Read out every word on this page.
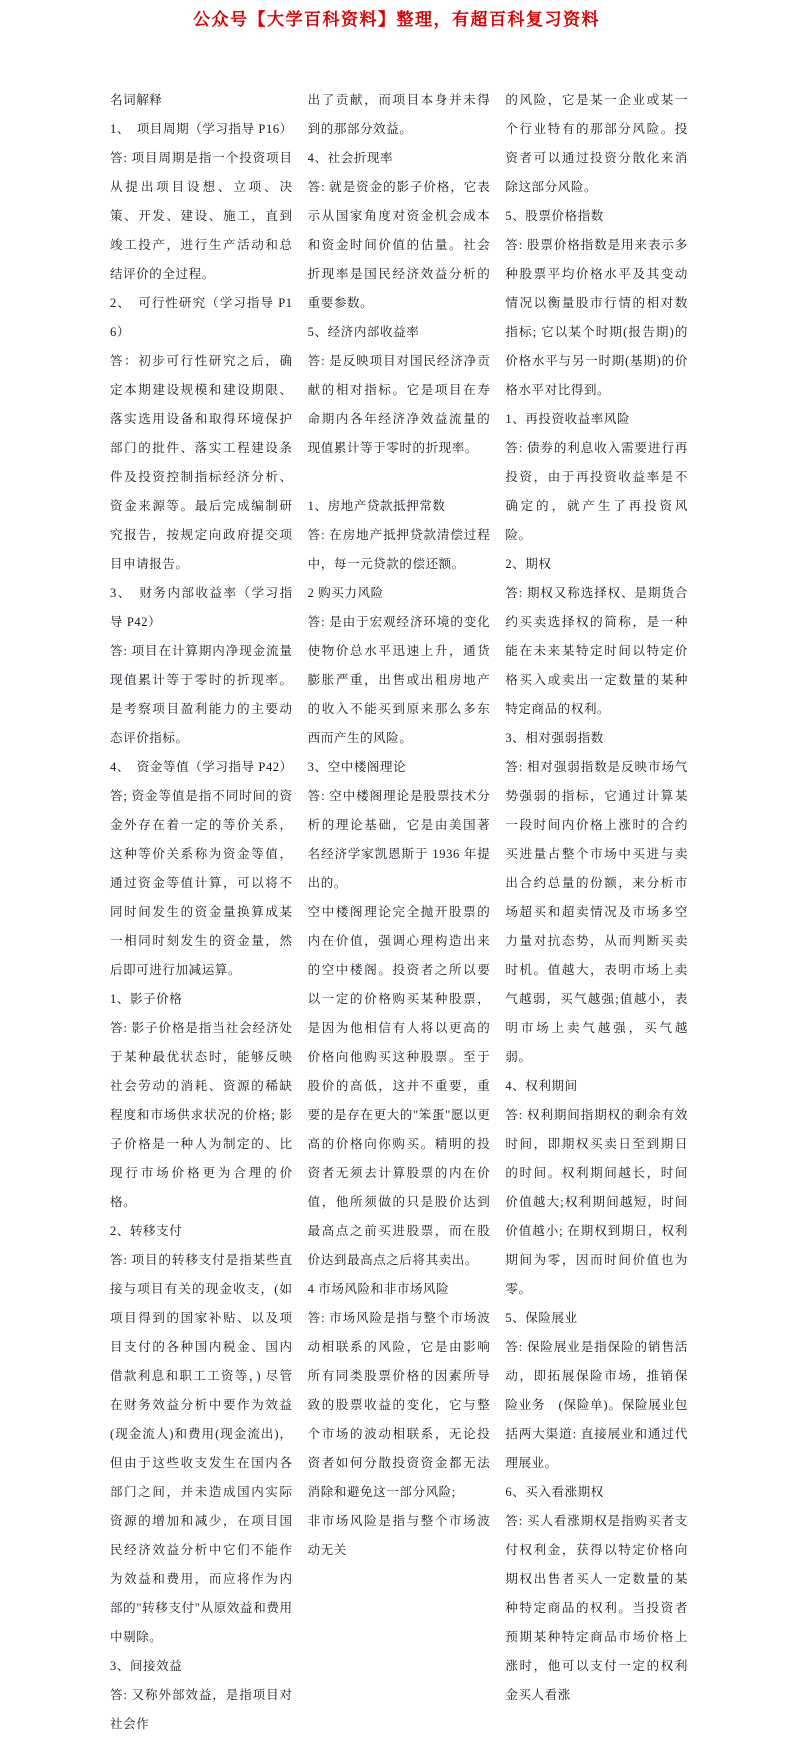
公众号【大学百科资料】整理，有超百科复习资料

名词解释

1、　项目周期（学习指导 P16）

答: 项目周期是指一个投资项目从提出项目设想、立项、决策、开发、建设、施工，直到竣工投产，进行生产活动和总结评价的全过程。

2、　可行性研究（学习指导 P16）

答：初步可行性研究之后，确定本期建设规模和建设期限、落实选用设备和取得环境保护部门的批件、落实工程建设条件及投资控制指标经济分析、资金来源等。最后完成编制研究报告，按规定向政府提交项目申请报告。

3、　财务内部收益率（学习指导 P42）

答: 项目在计算期内净现金流量现值累计等于零时的折现率。是考察项目盈利能力的主要动态评价指标。

4、　资金等值（学习指导 P42）

答; 资金等值是指不同时间的资金外存在着一定的等价关系，这种等价关系称为资金等值，通过资金等值计算，可以将不同时间发生的资金量换算成某一相同时刻发生的资金量，然后即可进行加减运算。

1、影子价格

答: 影子价格是指当社会经济处于某种最优状态时，能够反映社会劳动的消耗、资源的稀缺程度和市场供求状况的价格; 影子价格是一种人为制定的、比现行市场价格更为合理的价格。

2、转移支付

答: 项目的转移支付是指某些直接与项目有关的现金收支，(如项目得到的国家补贴、以及项目支付的各种国内税金、国内借款利息和职工工资等，) 尽管在财务效益分析中要作为效益(现金流人)和费用(现金流出)，但由于这些收支发生在国内各部门之间，并未造成国内实际资源的增加和减少，在项目国民经济效益分析中它们不能作为效益和费用，而应将作为内部的"转移支付"从原效益和费用中剔除。

3、间接效益

答: 又称外部效益，是指项目对社会作

出了贡献，而项目本身并未得到的那部分效益。

4、社会折现率

答: 就是资金的影子价格，它表示从国家角度对资金机会成本和资金时间价值的估量。社会折现率是国民经济效益分析的重要参数。

5、经济内部收益率

答: 是反映项目对国民经济净贡献的相对指标。它是项目在寿命期内各年经济净效益流量的现值累计等于零时的折现率。

1、房地产贷款抵押常数

答: 在房地产抵押贷款清偿过程中，每一元贷款的偿还额。

2 购买力风险

答: 是由于宏观经济环境的变化使物价总水平迅速上升，通货膨胀严重，出售或出租房地产的收入不能买到原来那么多东西而产生的风险。

3、空中楼阁理论

答: 空中楼阁理论是股票技术分析的理论基础，它是由美国著名经济学家凯恩斯于 1936 年提出的。

空中楼阁理论完全抛开股票的内在价值，强调心理构造出来的空中楼阁。投资者之所以要以一定的价格购买某种股票，是因为他相信有人将以更高的价格向他购买这种股票。至于股价的高低，这并不重要，重要的是存在更大的"笨蛋"愿以更高的价格向你购买。精明的投资者无须去计算股票的内在价值，他所须做的只是股价达到最高点之前买进股票，而在股价达到最高点之后将其卖出。

4 市场风险和非市场风险

答: 市场风险是指与整个市场波动相联系的风险，它是由影响所有同类股票价格的因素所导致的股票收益的变化，它与整个市场的波动相联系，无论投资者如何分散投资资金都无法消除和避免这一部分风险;

非市场风险是指与整个市场波动无关

的风险，它是某一企业或某一个行业特有的那部分风险。投资者可以通过投资分散化来消除这部分风险。

5、股票价格指数

答: 股票价格指数是用来表示多种股票平均价格水平及其变动情况以衡量股市行情的相对数指标; 它以某个时期(报告期)的价格水平与另一时期(基期)的价格水平对比得到。

1、再投资收益率风险

答: 债券的利息收入需要进行再投资，由于再投资收益率是不确定的，就产生了再投资风险。

2、期权

答: 期权又称选择权、是期货合约买卖选择权的简称，是一种能在未来某特定时间以特定价格买入或卖出一定数量的某种特定商品的权利。

3、相对强弱指数

答: 相对强弱指数是反映市场气势强弱的指标，它通过计算某一段时间内价格上涨时的合约买进量占整个市场中买进与卖出合约总量的份额，来分析市场超买和超卖情况及市场多空力量对抗态势，从而判断买卖时机。值越大，表明市场上卖气越弱，买气越强;值越小，表明市场上卖气越强，买气越弱。

4、权利期间

答: 权利期间指期权的剩余有效时间，即期权买卖日至到期日的时间。权利期间越长，时间价值越大;权利期间越短，时间价值越小; 在期权到期日，权利期间为零，因而时间价值也为零。

5、保险展业

答: 保险展业是指保险的销售活动，即拓展保险市场，推销保险业务　(保险单)。保险展业包括两大渠道: 直接展业和通过代理展业。

6、买入看涨期权

答: 买人看涨期权是指购买者支付权利金，获得以特定价格向期权出售者买人一定数量的某种特定商品的权利。当投资者预期某种特定商品市场价格上涨时，他可以支付一定的权利金买人看涨
